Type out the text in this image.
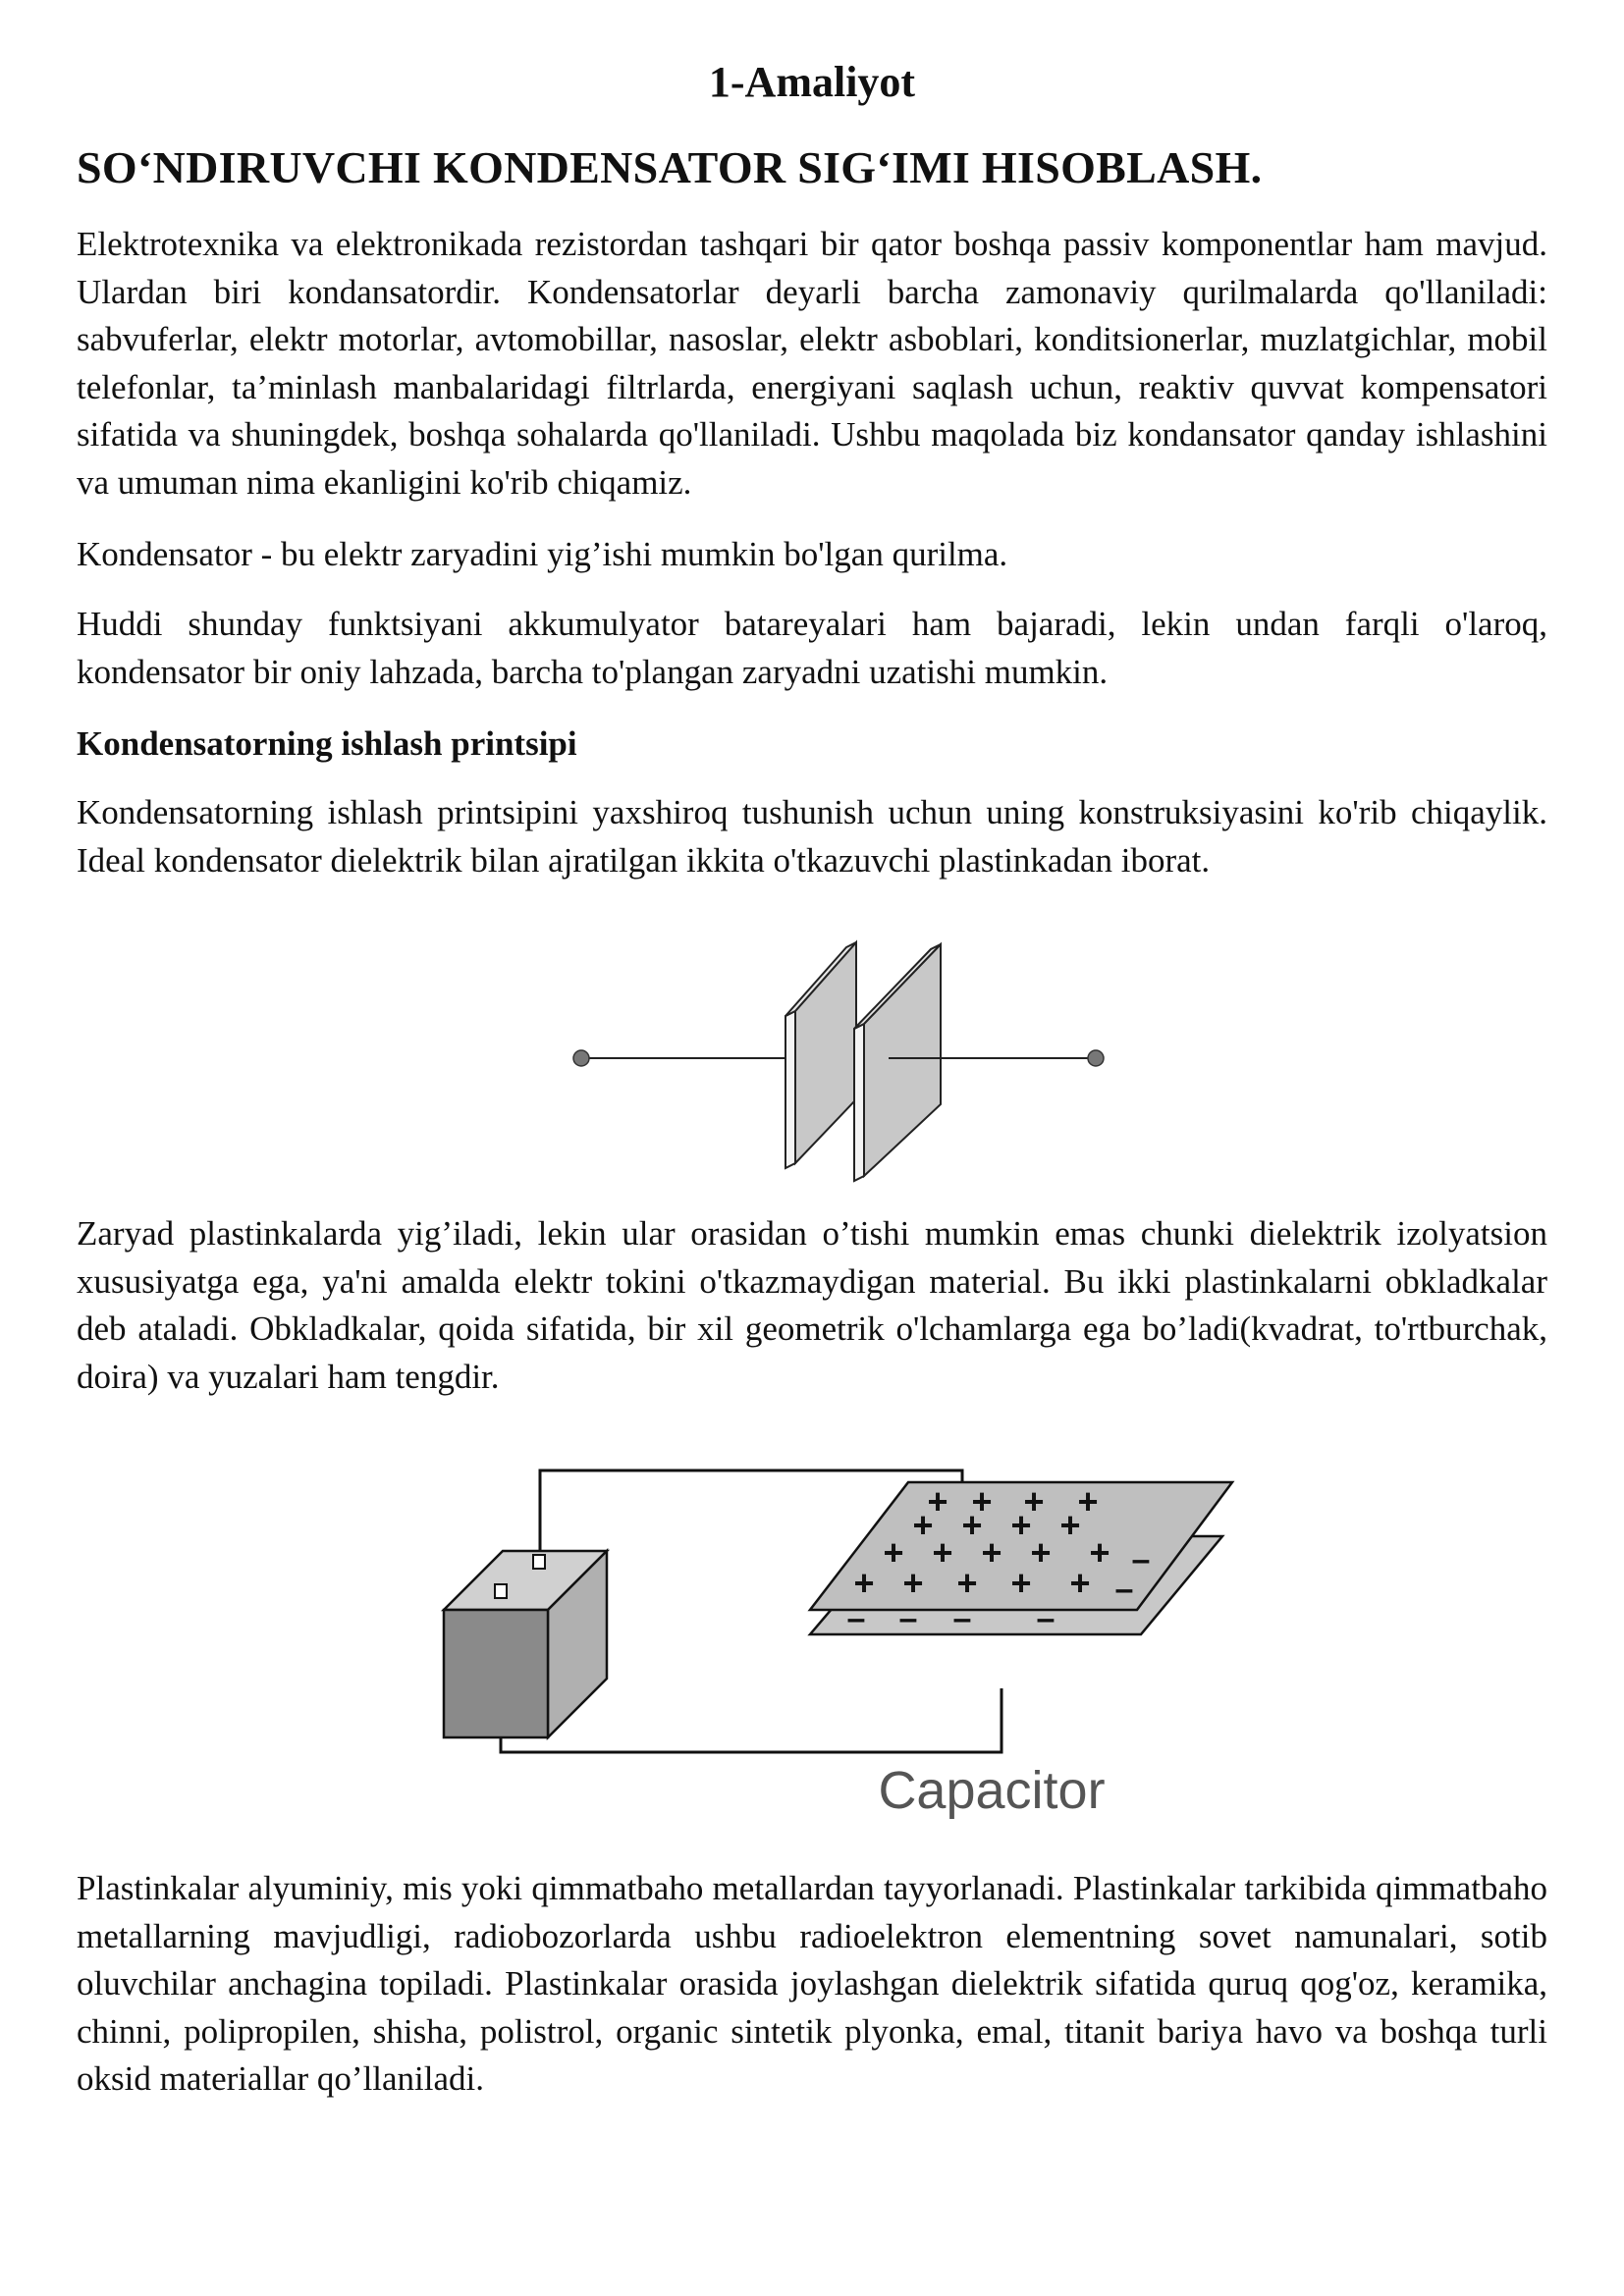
1-Amaliyot
SO‘NDIRUVCHI KONDENSATOR SIG‘IMI HISOBLASH.

Elektrotexnika va elektronikada rezistordan tashqari bir qator boshqa passiv komponentlar ham mavjud. Ulardan biri kondansatordir. Kondensatorlar deyarli barcha zamonaviy qurilmalarda qo'llaniladi: sabvuferlar, elektr motorlar, avtomobillar, nasoslar, elektr asboblari, konditsionerlar, muzlatgichlar, mobil telefonlar, ta’minlash manbalaridagi filtrlarda, energiyani saqlash uchun, reaktiv quvvat kompensatori sifatida va shuningdek, boshqa sohalarda qo'llaniladi. Ushbu maqolada biz kondansator qanday ishlashini va umuman nima ekanligini ko'rib chiqamiz.

Kondensator - bu elektr zaryadini yig’ishi mumkin bo'lgan qurilma.

Huddi shunday funktsiyani akkumulyator batareyalari ham bajaradi, lekin undan farqli o'laroq, kondensator bir oniy lahzada, barcha to'plangan zaryadni uzatishi mumkin.

Kondensatorning ishlash printsipi

Kondensatorning ishlash printsipini yaxshiroq tushunish uchun uning konstruksiyasini ko'rib chiqaylik. Ideal kondensator dielektrik bilan ajratilgan ikkita o'tkazuvchi plastinkadan iborat.

Zaryad plastinkalarda yig’iladi, lekin ular orasidan o’tishi mumkin emas chunki dielektrik izolyatsion xususiyatga ega, ya'ni amalda elektr tokini o'tkazmaydigan material. Bu ikki plastinkalarni obkladkalar deb ataladi. Obkladkalar, qoida sifatida, bir xil geometrik o'lchamlarga ega bo’ladi(kvadrat, to'rtburchak, doira) va yuzalari ham tengdir.

+ + + +
+ + + +
+ + + + +
+ + + + +
–
–
– – – –
Capacitor

Plastinkalar alyuminiy, mis yoki qimmatbaho metallardan tayyorlanadi. Plastinkalar tarkibida qimmatbaho metallarning mavjudligi, radiobozorlarda ushbu radioelektron elementning sovet namunalari, sotib oluvchilar anchagina topiladi. Plastinkalar orasida joylashgan dielektrik sifatida quruq qog'oz, keramika, chinni, polipropilen, shisha, polistrol, organic sintetik plyonka, emal, titanit bariya havo va boshqa turli oksid materiallar qo’llaniladi.
